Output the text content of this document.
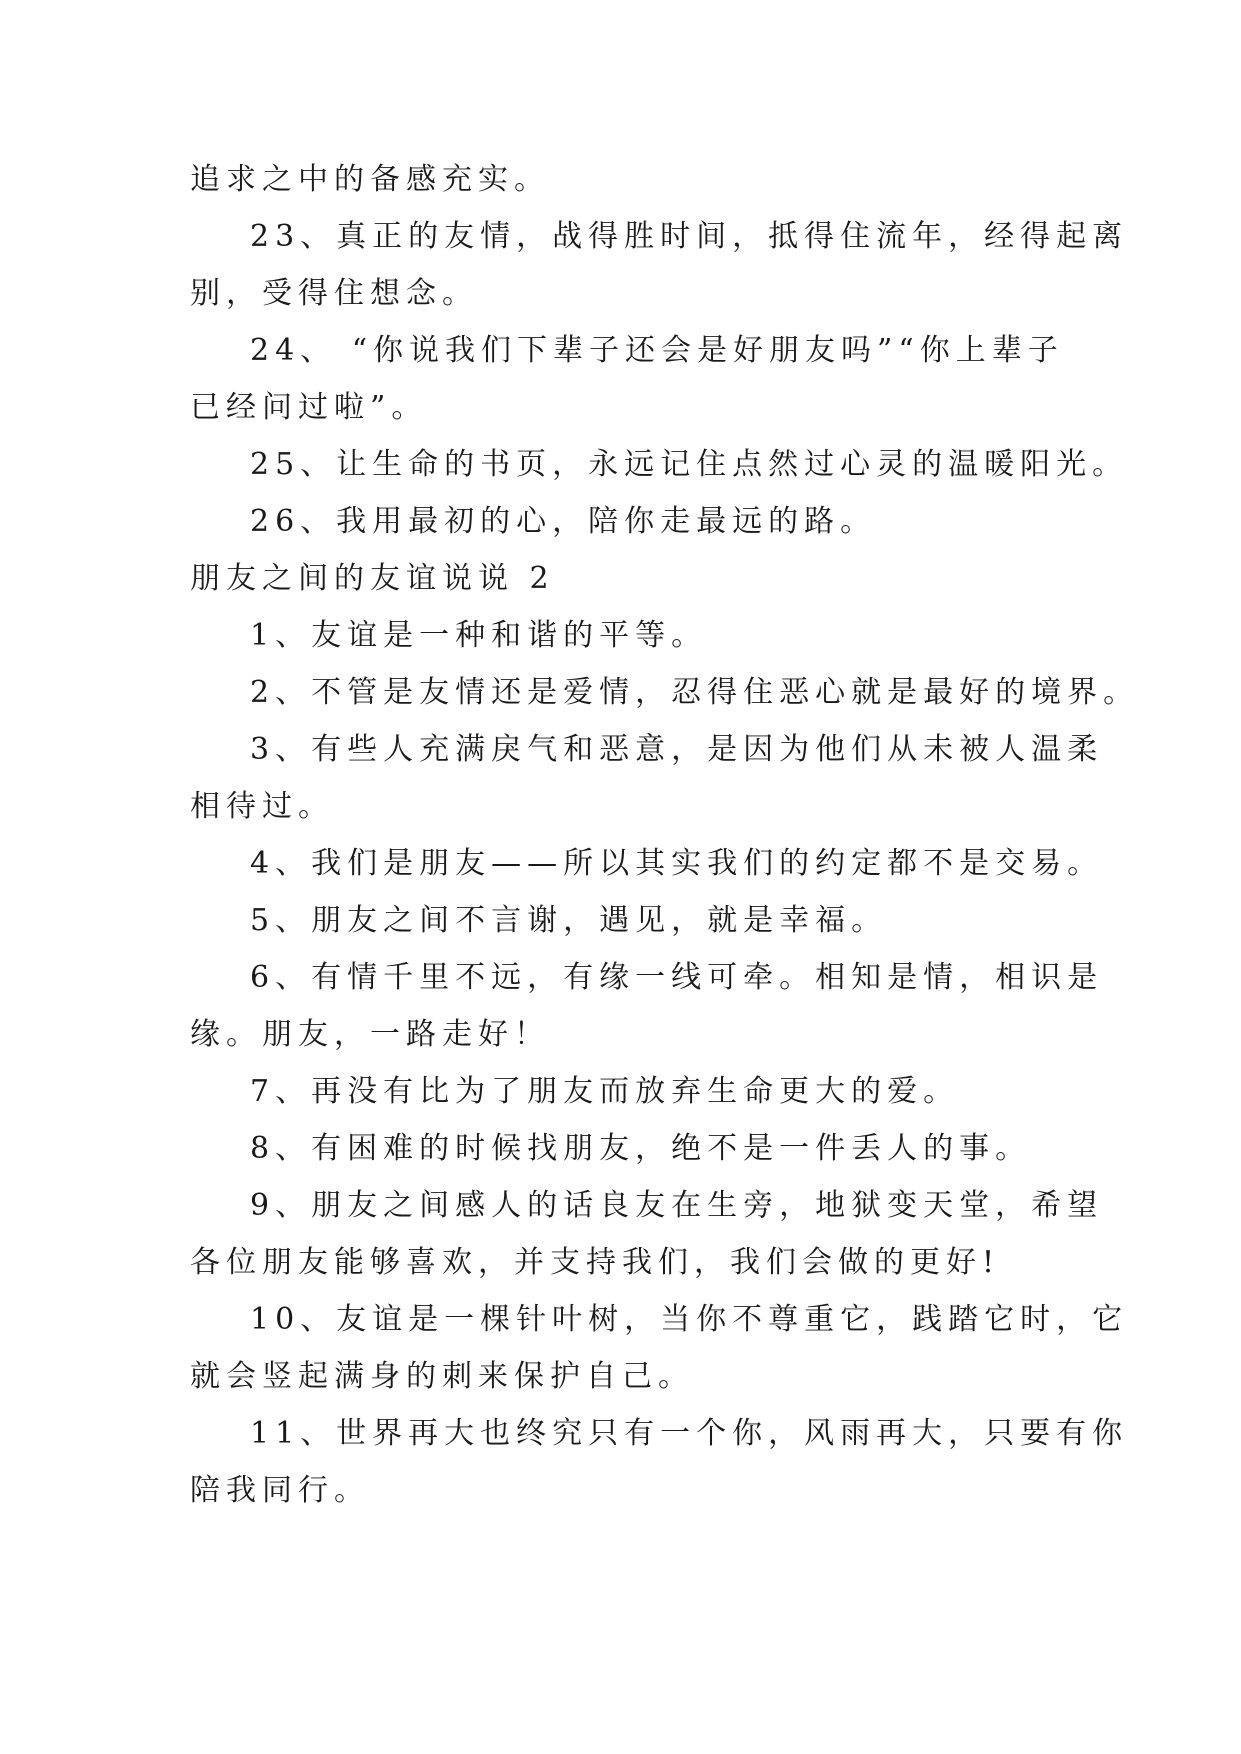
追求之中的备感充实。
23、真正的友情，战得胜时间，抵得住流年，经得起离
别，受得住想念。
24、 “你说我们下辈子还会是好朋友吗”“你上辈子
已经问过啦”。
25、让生命的书页，永远记住点然过心灵的温暖阳光。
26、我用最初的心，陪你走最远的路。
朋友之间的友谊说说 2
1、友谊是一种和谐的平等。
2、不管是友情还是爱情，忍得住恶心就是最好的境界。
3、有些人充满戾气和恶意，是因为他们从未被人温柔
相待过。
4、我们是朋友——所以其实我们的约定都不是交易。
5、朋友之间不言谢，遇见，就是幸福。
6、有情千里不远，有缘一线可牵。相知是情，相识是
缘。朋友，一路走好！
7、再没有比为了朋友而放弃生命更大的爱。
8、有困难的时候找朋友，绝不是一件丢人的事。
9、朋友之间感人的话良友在生旁，地狱变天堂，希望
各位朋友能够喜欢，并支持我们，我们会做的更好!
10、友谊是一棵针叶树，当你不尊重它，践踏它时，它
就会竖起满身的刺来保护自己。
11、世界再大也终究只有一个你，风雨再大，只要有你
陪我同行。
